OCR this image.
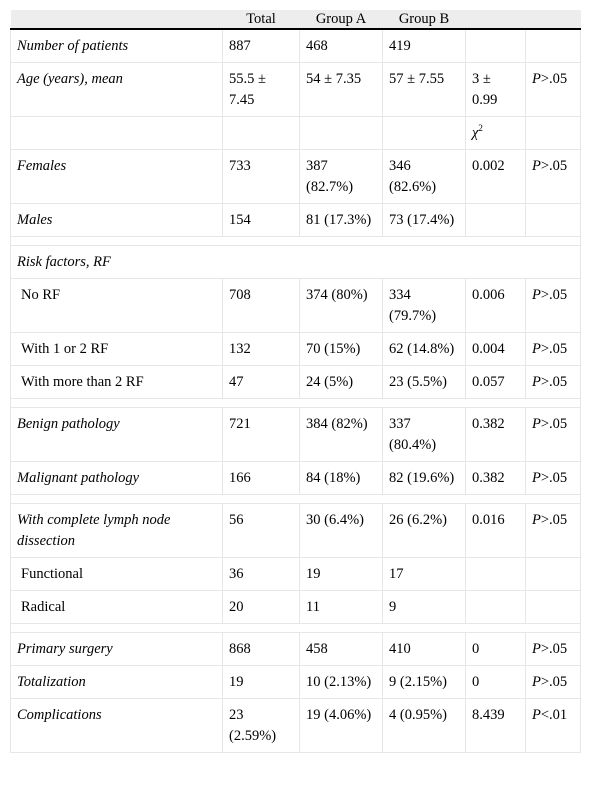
	Total	Group A	Group B		
Number of patients	887	468	419		
Age (years), mean	55.5 ± 7.45	54 ± 7.35	57 ± 7.55	3 ± 0.99	P>.05
				$\chi^2$	
Females	733	387 (82.7%)	346 (82.6%)	0.002	P>.05
Males	154	81 (17.3%)	73 (17.4%)		

Risk factors, RF					
No RF	708	374 (80%)	334 (79.7%)	0.006	P>.05
With 1 or 2 RF	132	70 (15%)	62 (14.8%)	0.004	P>.05
With more than 2 RF	47	24 (5%)	23 (5.5%)	0.057	P>.05

Benign pathology	721	384 (82%)	337 (80.4%)	0.382	P>.05
Malignant pathology	166	84 (18%)	82 (19.6%)	0.382	P>.05

With complete lymph node dissection	56	30 (6.4%)	26 (6.2%)	0.016	P>.05
Functional	36	19	17		
Radical	20	11	9		

Primary surgery	868	458	410	0	P>.05
Totalization	19	10 (2.13%)	9 (2.15%)	0	P>.05
Complications	23 (2.59%)	19 (4.06%)	4 (0.95%)	8.439	P<.01
